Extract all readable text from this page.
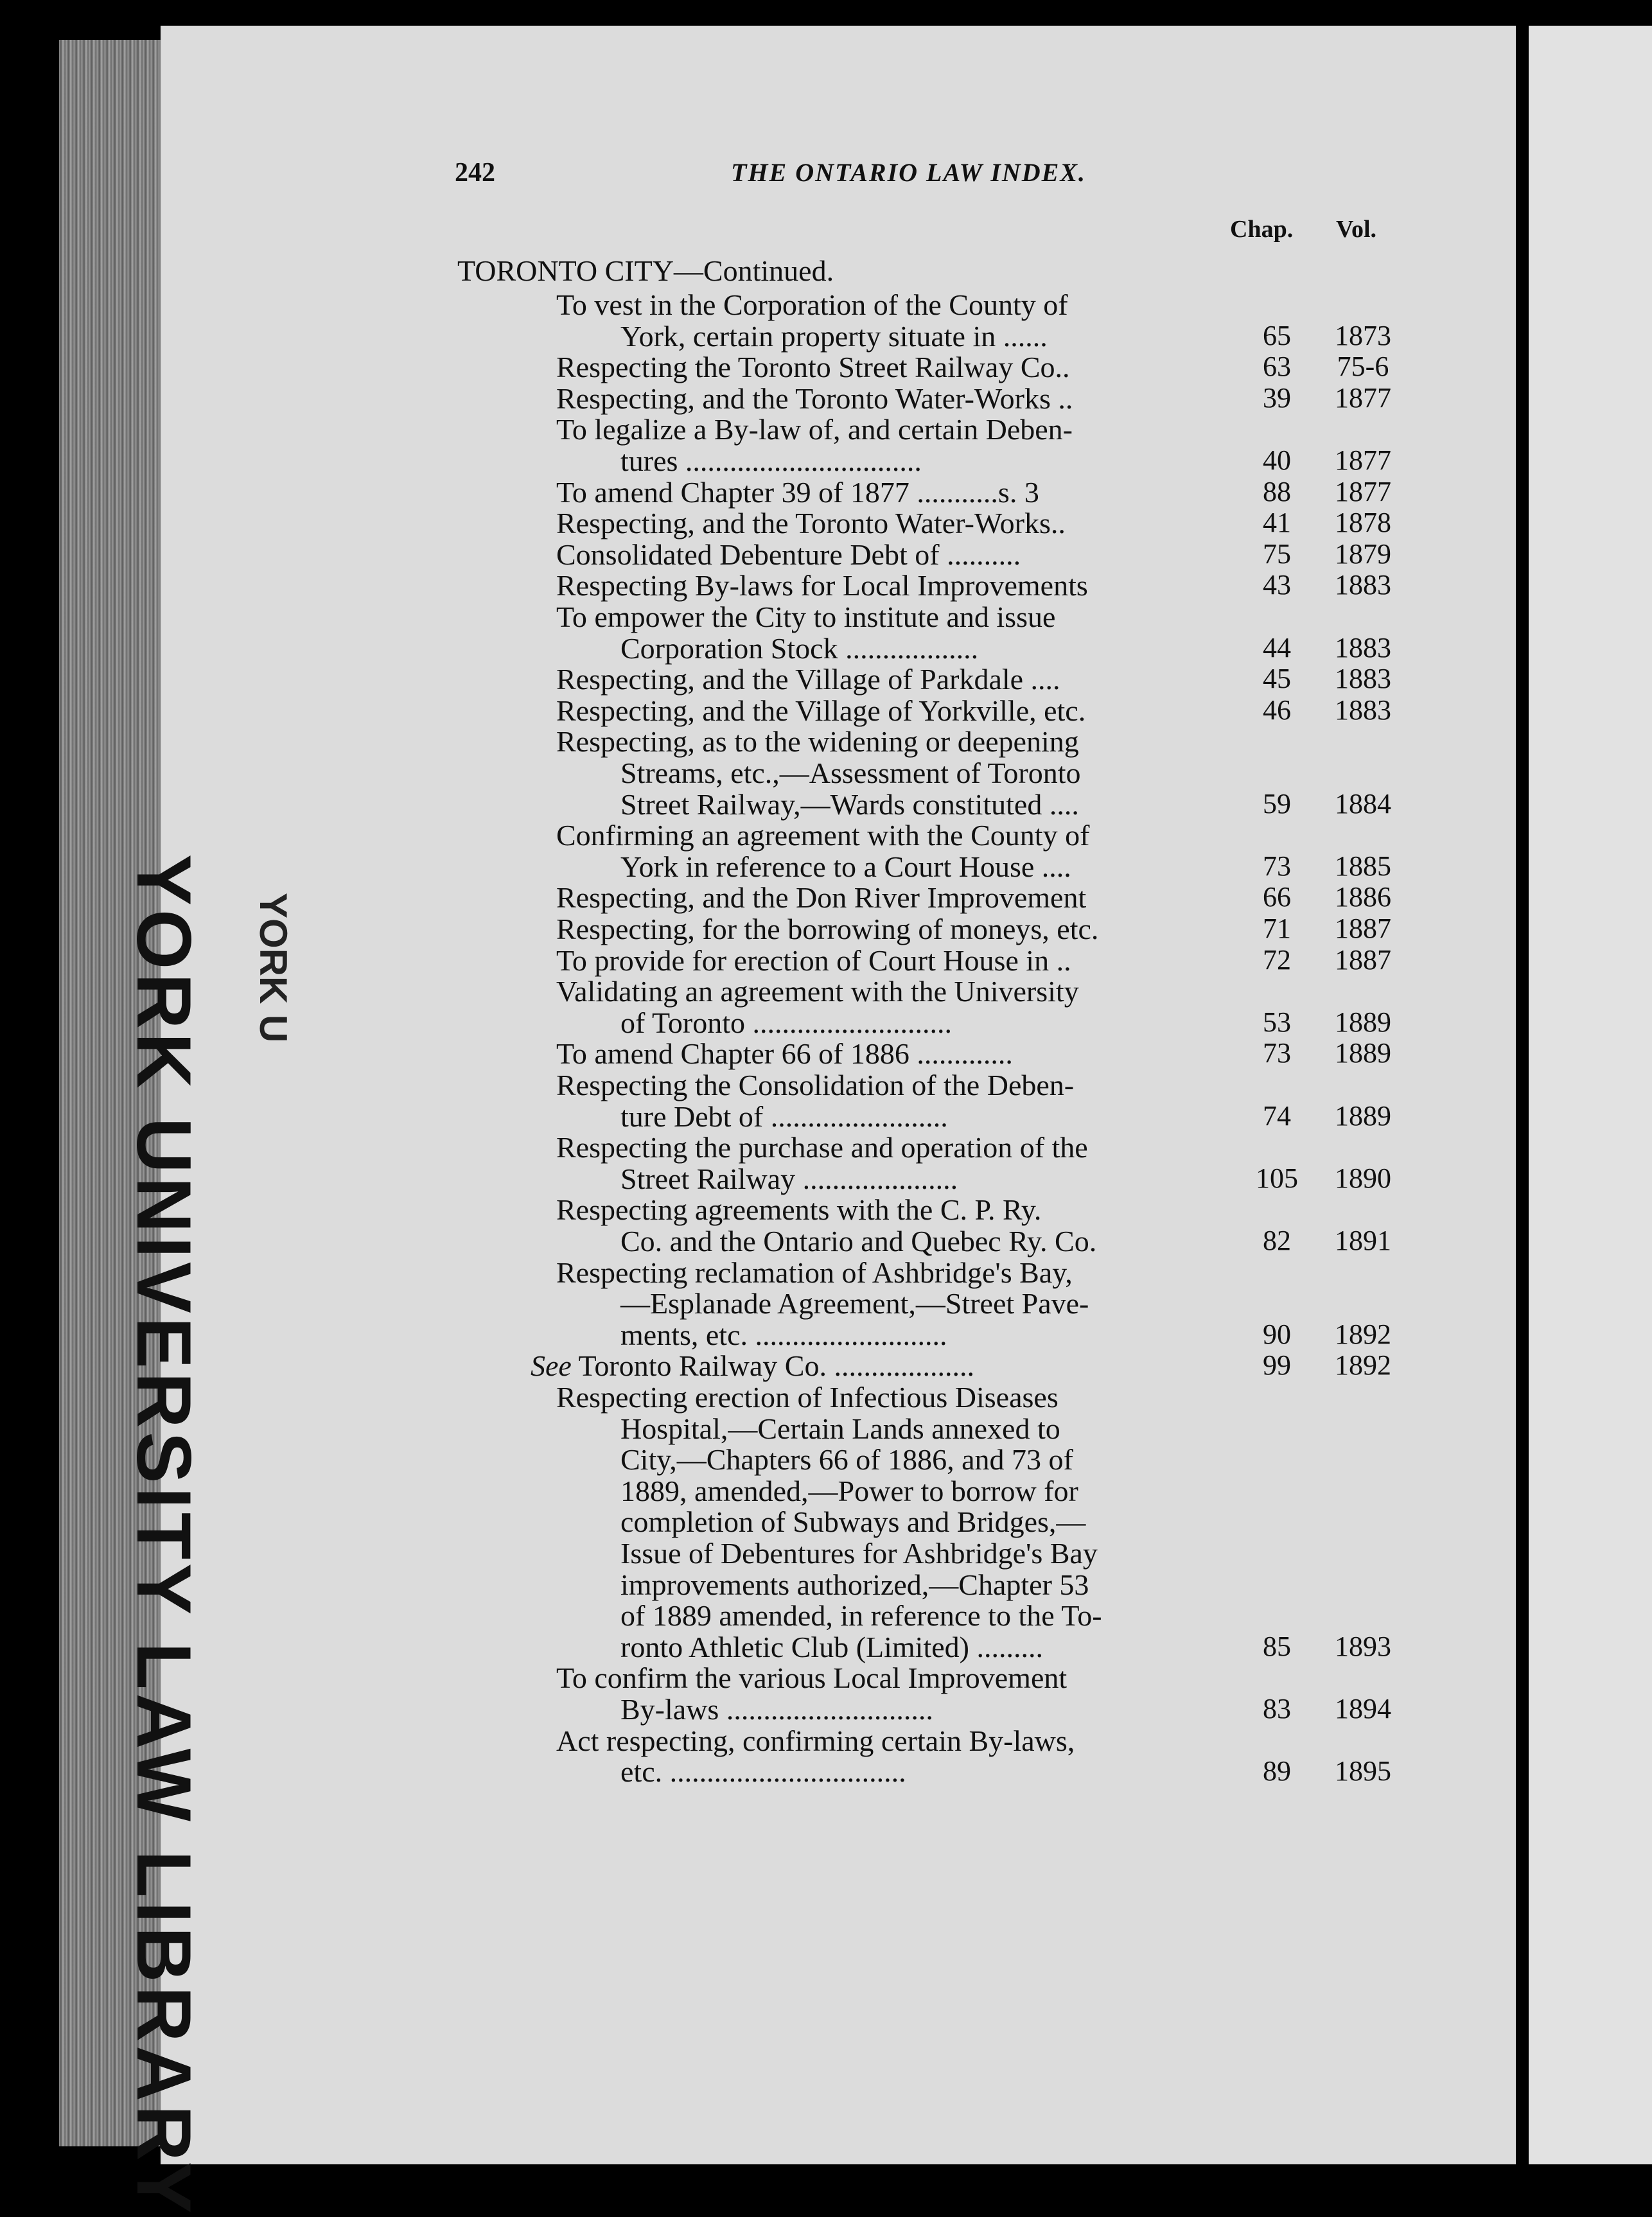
YORK UNIVERSITY LAW LIBRARY YORK U
242	THE ONTARIO LAW INDEX.
Chap. Vol.
TORONTO CITY—Continued.
To vest in the Corporation of the County of
York, certain property situate in ......	65	1873
Respecting the Toronto Street Railway Co..	63	75-6
Respecting, and the Toronto Water-Works ..	39	1877
To legalize a By-law of, and certain Deben-
tures ................................	40	1877
To amend Chapter 39 of 1877 ...........s. 3	88	1877
Respecting, and the Toronto Water-Works..	41	1878
Consolidated Debenture Debt of ..........	75	1879
Respecting By-laws for Local Improvements	43	1883
To empower the City to institute and issue
Corporation Stock ..................	44	1883
Respecting, and the Village of Parkdale ....	45	1883
Respecting, and the Village of Yorkville, etc.	46	1883
Respecting, as to the widening or deepening
Streams, etc.,—Assessment of Toronto
Street Railway,—Wards constituted ....	59	1884
Confirming an agreement with the County of
York in reference to a Court House ....	73	1885
Respecting, and the Don River Improvement	66	1886
Respecting, for the borrowing of moneys, etc.	71	1887
To provide for erection of Court House in ..	72	1887
Validating an agreement with the University
of Toronto ...........................	53	1889
To amend Chapter 66 of 1886 .............	73	1889
Respecting the Consolidation of the Deben-
ture Debt of ........................	74	1889
Respecting the purchase and operation of the
Street Railway .....................	105	1890
Respecting agreements with the C. P. Ry.
Co. and the Ontario and Quebec Ry. Co.	82	1891
Respecting reclamation of Ashbridge's Bay,
—Esplanade Agreement,—Street Pave-
ments, etc. ..........................	90	1892
See Toronto Railway Co. ...................	99	1892
Respecting erection of Infectious Diseases
Hospital,—Certain Lands annexed to
City,—Chapters 66 of 1886, and 73 of
1889, amended,—Power to borrow for
completion of Subways and Bridges,—
Issue of Debentures for Ashbridge's Bay
improvements authorized,—Chapter 53
of 1889 amended, in reference to the To-
ronto Athletic Club (Limited) .........	85	1893
To confirm the various Local Improvement
By-laws ............................	83	1894
Act respecting, confirming certain By-laws,
etc. ................................	89	1895
